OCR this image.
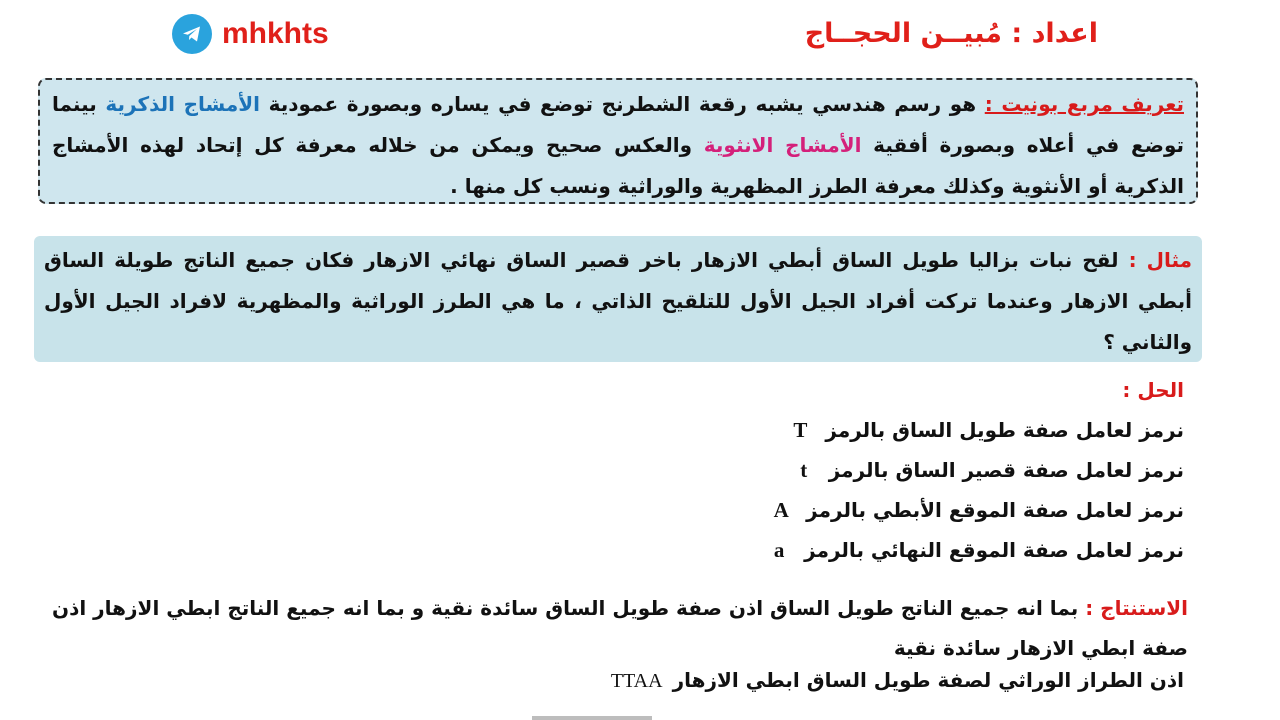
mhkhts	اعداد : مُبيــن الحجــاج
تعريف مربع بونيت : هو رسم هندسي يشبه رقعة الشطرنج توضع في يساره وبصورة عمودية الأمشاج الذكرية بينما توضع في أعلاه وبصورة أفقية الأمشاج الانثوية والعكس صحيح ويمكن من خلاله معرفة كل إتحاد لهذه الأمشاج الذكرية أو الأنثوية وكذلك معرفة الطرز المظهرية والوراثية ونسب كل منها .
مثال : لقح نبات بزاليا طويل الساق أبطي الازهار باخر قصير الساق نهائي الازهار فكان جميع الناتج طويلة الساق أبطي الازهار وعندما تركت أفراد الجيل الأول للتلقيح الذاتي ، ما هي الطرز الوراثية والمظهرية لافراد الجيل الأول والثاني ؟
الحل :
نرمز لعامل صفة طويل الساق بالرمزT
نرمز لعامل صفة قصير الساق بالرمزt
نرمز لعامل صفة الموقع الأبطي بالرمزA
نرمز لعامل صفة الموقع النهائي بالرمزa
الاستنتاج : بما انه جميع الناتج طويل الساق اذن صفة طويل الساق سائدة نقية و بما انه جميع الناتج ابطي الازهار اذن صفة ابطي الازهار سائدة نقية
اذن الطراز الوراثي لصفة طويل الساق ابطي الازهارTTAA
